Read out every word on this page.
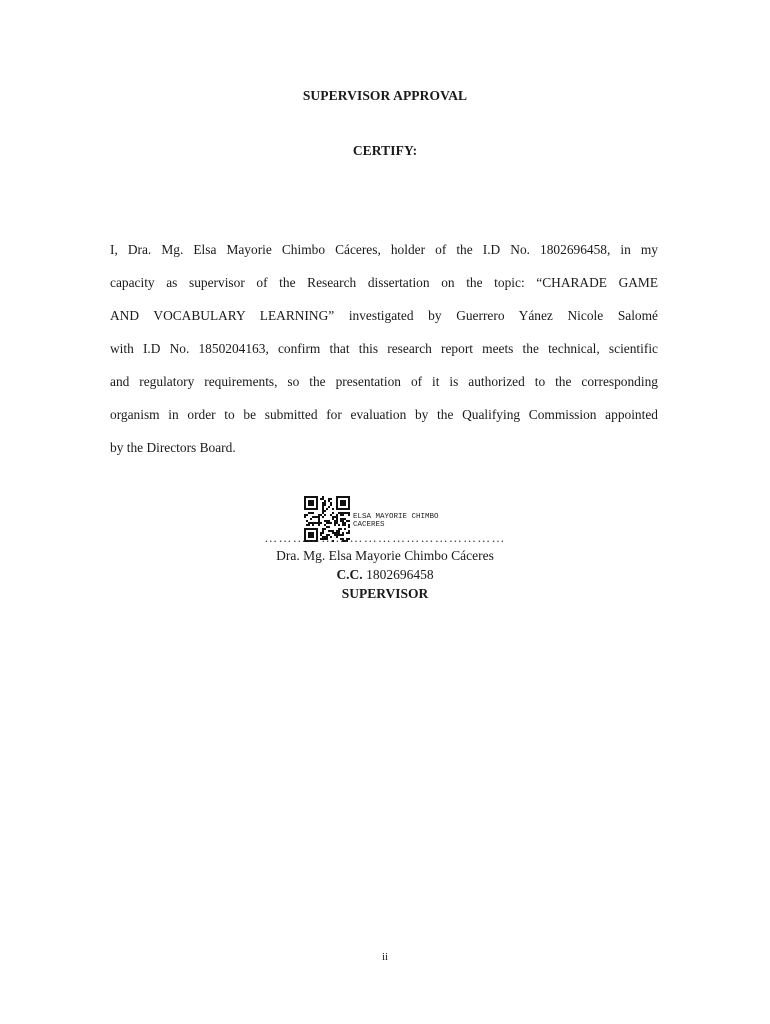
SUPERVISOR APPROVAL
CERTIFY:
I, Dra. Mg. Elsa Mayorie Chimbo Cáceres, holder of the I.D No. 1802696458, in my
capacity as supervisor of the Research dissertation on the topic: “CHARADE GAME
AND VOCABULARY LEARNING” investigated by Guerrero Yánez Nicole Salomé
with I.D No. 1850204163, confirm that this research report meets the technical, scientific
and regulatory requirements, so the presentation of it is authorized to the corresponding
organism in order to be submitted for evaluation by the Qualifying Commission appointed
by the Directors Board.
ELSA MAYORIE CHIMBO CACERES
……………………………………………
Dra. Mg. Elsa Mayorie Chimbo Cáceres
C.C. 1802696458
SUPERVISOR
ii
